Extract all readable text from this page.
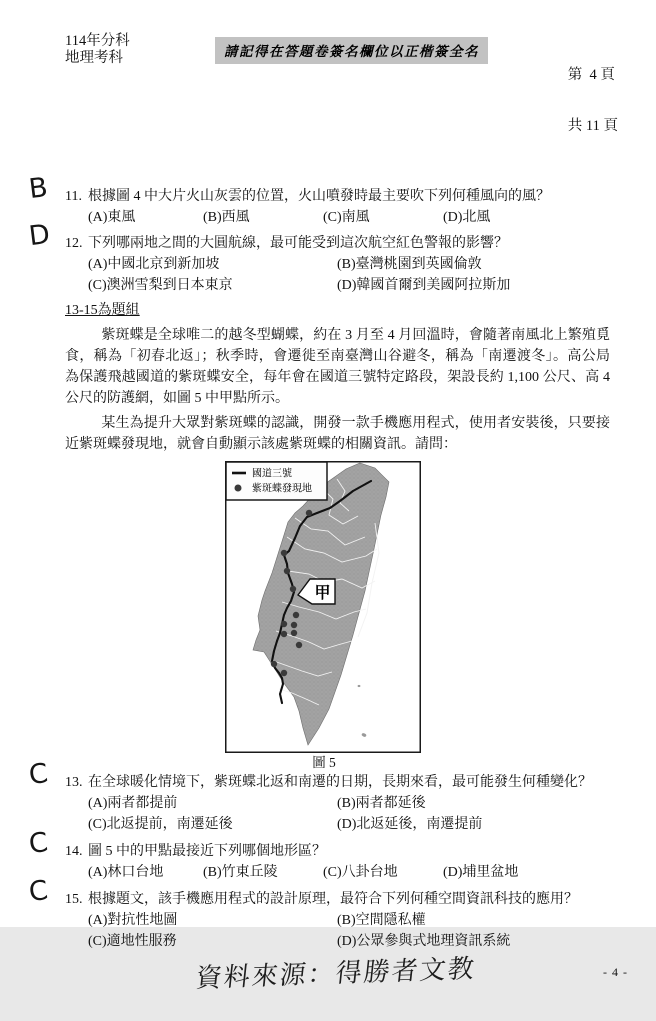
114年分科
地理考科	請記得在答題卷簽名欄位以正楷簽全名

第  4 頁

共 11 頁

B 11. 根據圖 4 中大片火山灰雲的位置，火山噴發時最主要吹下列何種風向的風？
(A)東風	(B)西風	(C)南風	(D)北風
D 12. 下列哪兩地之間的大圓航線，最可能受到這次航空紅色警報的影響？
(A)中國北京到新加坡	(B)臺灣桃園到英國倫敦
(C)澳洲雪梨到日本東京	(D)韓國首爾到美國阿拉斯加
13-15為題組

紫斑蝶是全球唯二的越冬型蝴蝶，約在 3 月至 4 月回溫時，會隨著南風北上繁殖覓食，稱為「初春北返」；秋季時，會遷徙至南臺灣山谷避冬，稱為「南遷渡冬」。高公局為保護飛越國道的紫斑蝶安全，每年會在國道三號特定路段，架設長約 1,100 公尺、高 4 公尺的防護網，如圖 5 中甲點所示。

某生為提升大眾對紫斑蝶的認識，開發一款手機應用程式，使用者安裝後，只要接近紫斑蝶發現地，就會自動顯示該處紫斑蝶的相關資訊。請問：

甲
國道三號
紫斑蝶發現地
圖 5
C 13. 在全球暖化情境下，紫斑蝶北返和南遷的日期，長期來看，最可能發生何種變化？
(A)兩者都提前	(B)兩者都延後
(C)北返提前，南遷延後	(D)北返延後，南遷提前
C 14. 圖 5 中的甲點最接近下列哪個地形區？
(A)林口台地	(B)竹東丘陵	(C)八卦台地	(D)埔里盆地
C 15. 根據題文，該手機應用程式的設計原理，最符合下列何種空間資訊科技的應用？
(A)對抗性地圖	(B)空間隱私權
(C)適地性服務	(D)公眾參與式地理資訊系統
資料來源：得勝者文教	- 4 -
